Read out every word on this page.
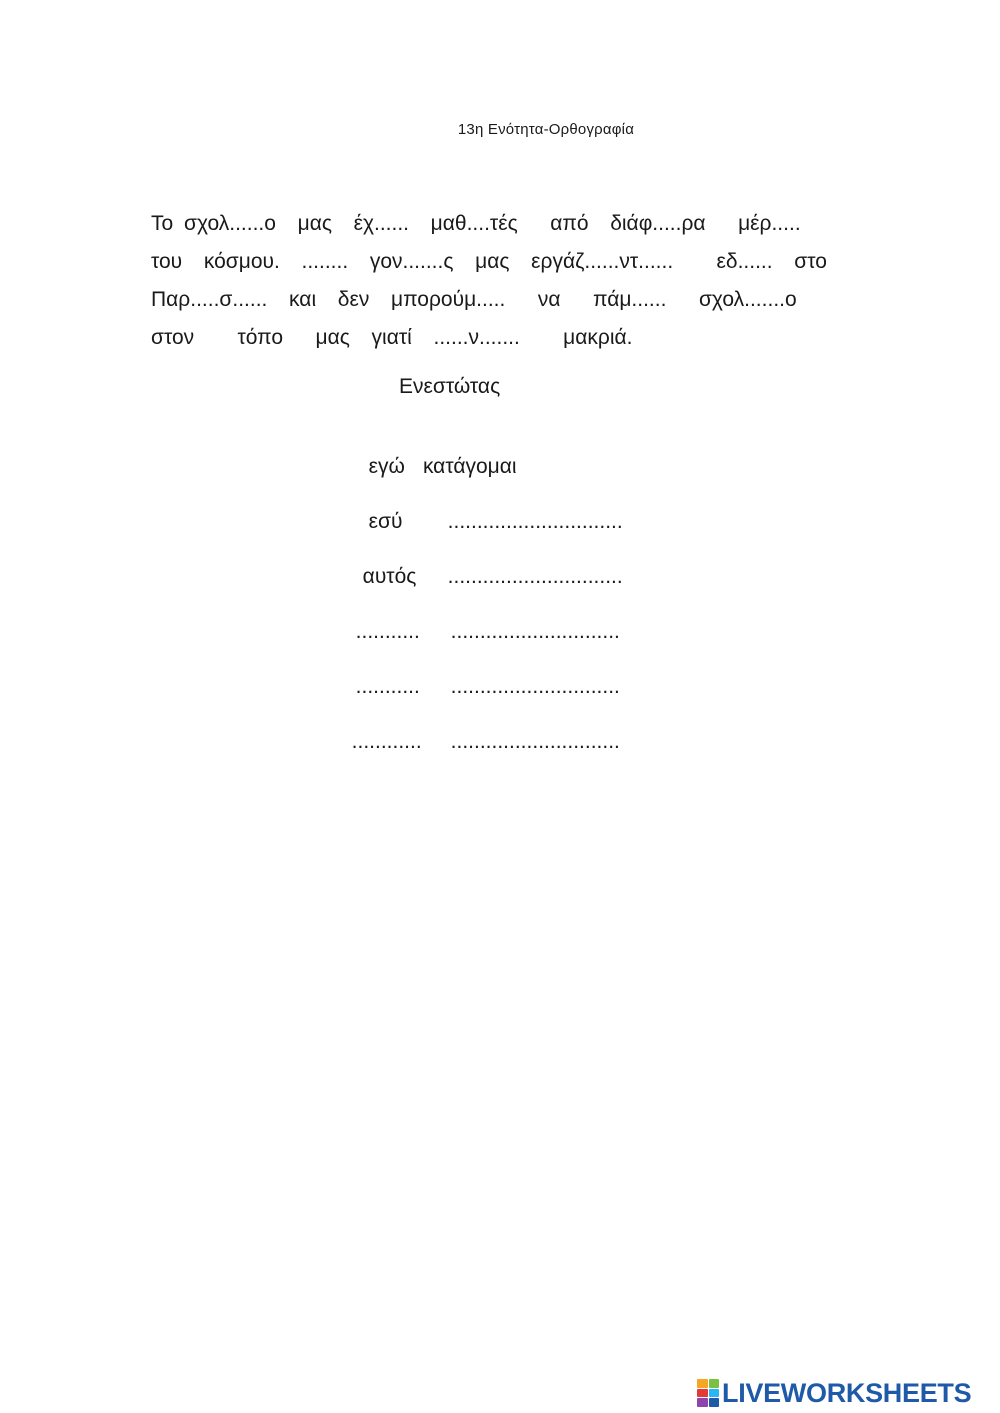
13η Ενότητα-Ορθογραφία
Το σχολ......ο  μας  έχ......  μαθ....τές   από  διάφ.....ρα   μέρ.....
του  κόσμου.  ........  γον.......ς  μας  εργάζ......ντ......    εδ......  στο
Παρ.....σ......  και  δεν  μπορούμ.....   να   πάμ......   σχολ.......ο
στον    τόπο   μας  γιατί  ......ν.......    μακριά.
Ενεστώτας

εγώ κατάγομαι

εσύ ..............................

αυτός ..............................

........... .............................

........... .............................

............ .............................

LIVEWORKSHEETS
